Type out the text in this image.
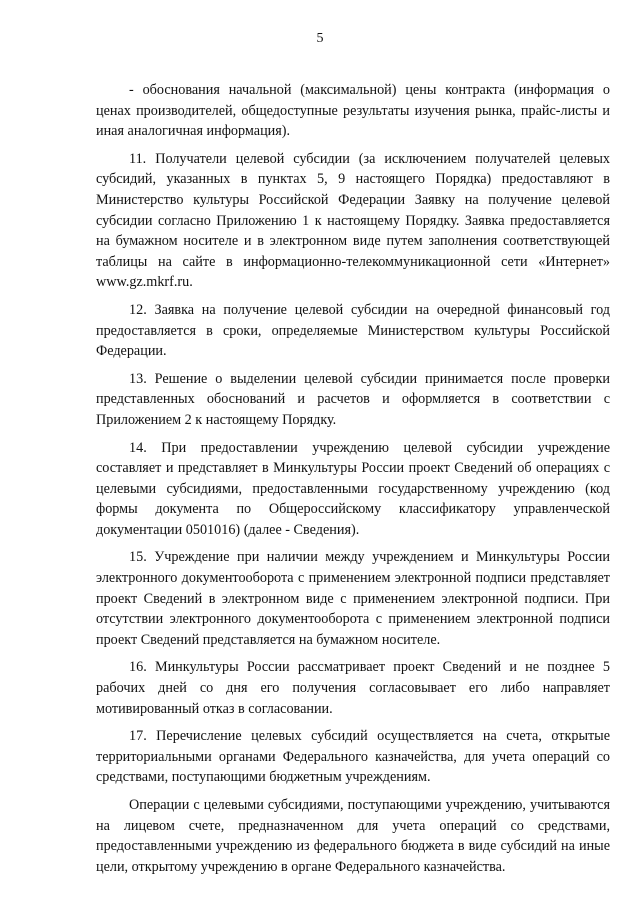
5

- обоснования начальной (максимальной) цены контракта (информация о ценах производителей, общедоступные результаты изучения рынка, прайс-листы и иная аналогичная информация).

11. Получатели целевой субсидии (за исключением получателей целевых субсидий, указанных в пунктах 5, 9 настоящего Порядка) предоставляют в Министерство культуры Российской Федерации Заявку на получение целевой субсидии согласно Приложению 1 к настоящему Порядку. Заявка предоставляется на бумажном носителе и в электронном виде путем заполнения соответствующей таблицы на сайте в информационно-телекоммуникационной сети «Интернет» www.gz.mkrf.ru.

12. Заявка на получение целевой субсидии на очередной финансовый год предоставляется в сроки, определяемые Министерством культуры Российской Федерации.

13. Решение о выделении целевой субсидии принимается после проверки представленных обоснований и расчетов и оформляется в соответствии с Приложением 2 к настоящему Порядку.

14. При предоставлении учреждению целевой субсидии учреждение составляет и представляет в Минкультуры России проект Сведений об операциях с целевыми субсидиями, предоставленными государственному учреждению (код формы документа по Общероссийскому классификатору управленческой документации 0501016) (далее - Сведения).

15. Учреждение при наличии между учреждением и Минкультуры России электронного документооборота с применением электронной подписи представляет проект Сведений в электронном виде с применением электронной подписи. При отсутствии электронного документооборота с применением электронной подписи проект Сведений представляется на бумажном носителе.

16. Минкультуры России рассматривает проект Сведений и не позднее 5 рабочих дней со дня его получения согласовывает его либо направляет мотивированный отказ в согласовании.

17. Перечисление целевых субсидий осуществляется на счета, открытые территориальными органами Федерального казначейства, для учета операций со средствами, поступающими бюджетным учреждениям.

Операции с целевыми субсидиями, поступающими учреждению, учитываются на лицевом счете, предназначенном для учета операций со средствами, предоставленными учреждению из федерального бюджета в виде субсидий на иные цели, открытому учреждению в органе Федерального казначейства.
